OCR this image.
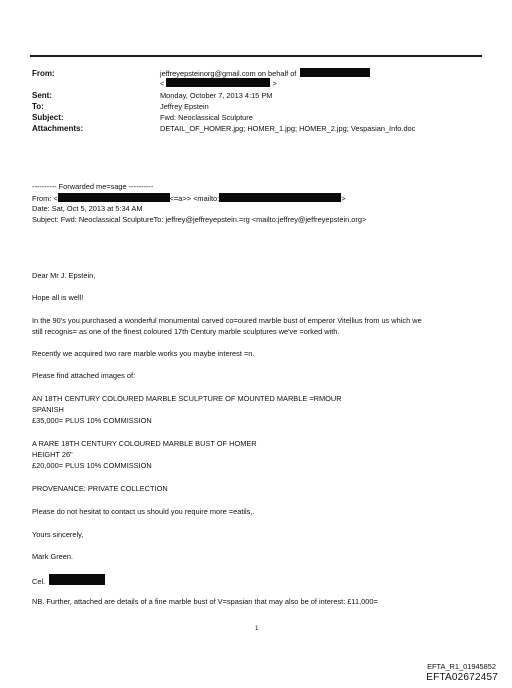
From:	jeffreyepsteinorg@gmail.com on behalf of
<	>
Sent:	Monday, October 7, 2013 4:15 PM
To:	Jeffrey Epstein
Subject:	Fwd: Neoclassical Sculpture
Attachments:	DETAIL_OF_HOMER.jpg; HOMER_1.jpg; HOMER_2.jpg; Vespasian_Info.doc
---------- Forwarded me=sage ----------
From: <	<=a>> <mailto:	>
Date: Sat, Oct 5, 2013 at 5:34 AM
Subject: Fwd: Neoclassical SculptureTo: jeffrey@jeffreyepstein.=rg <mailto:jeffrey@jeffreyepstein.org>
Dear Mr J. Epstein,
Hope all is well!
In the 90's you purchased a wonderful monumental carved co=oured marble bust of emperor Vitellius from us which we
still recognis= as one of the finest coloured 17th Century marble sculptures we've =orked with.
Recently we acquired two rare marble works you maybe interest =n.
Please find attached images of:
AN 18TH CENTURY COLOURED MARBLE SCULPTURE OF MOUNTED MARBLE =RMOUR
SPANISH
£35,000= PLUS 10% COMMISSION
A RARE 18TH CENTURY COLOURED MARBLE BUST OF HOMER
HEIGHT 26"
£20,000= PLUS 10% COMMISSION
PROVENANCE: PRIVATE COLLECTION
Please do not hesitat to contact us should you require more =eatils,.
Yours sincerely,
Mark Green.
Cel.
NB. Further, attached are details of a fine marble bust of V=spasian that may also be of interest: £11,000=
1
EFTA_R1_01945852
EFTA02672457
